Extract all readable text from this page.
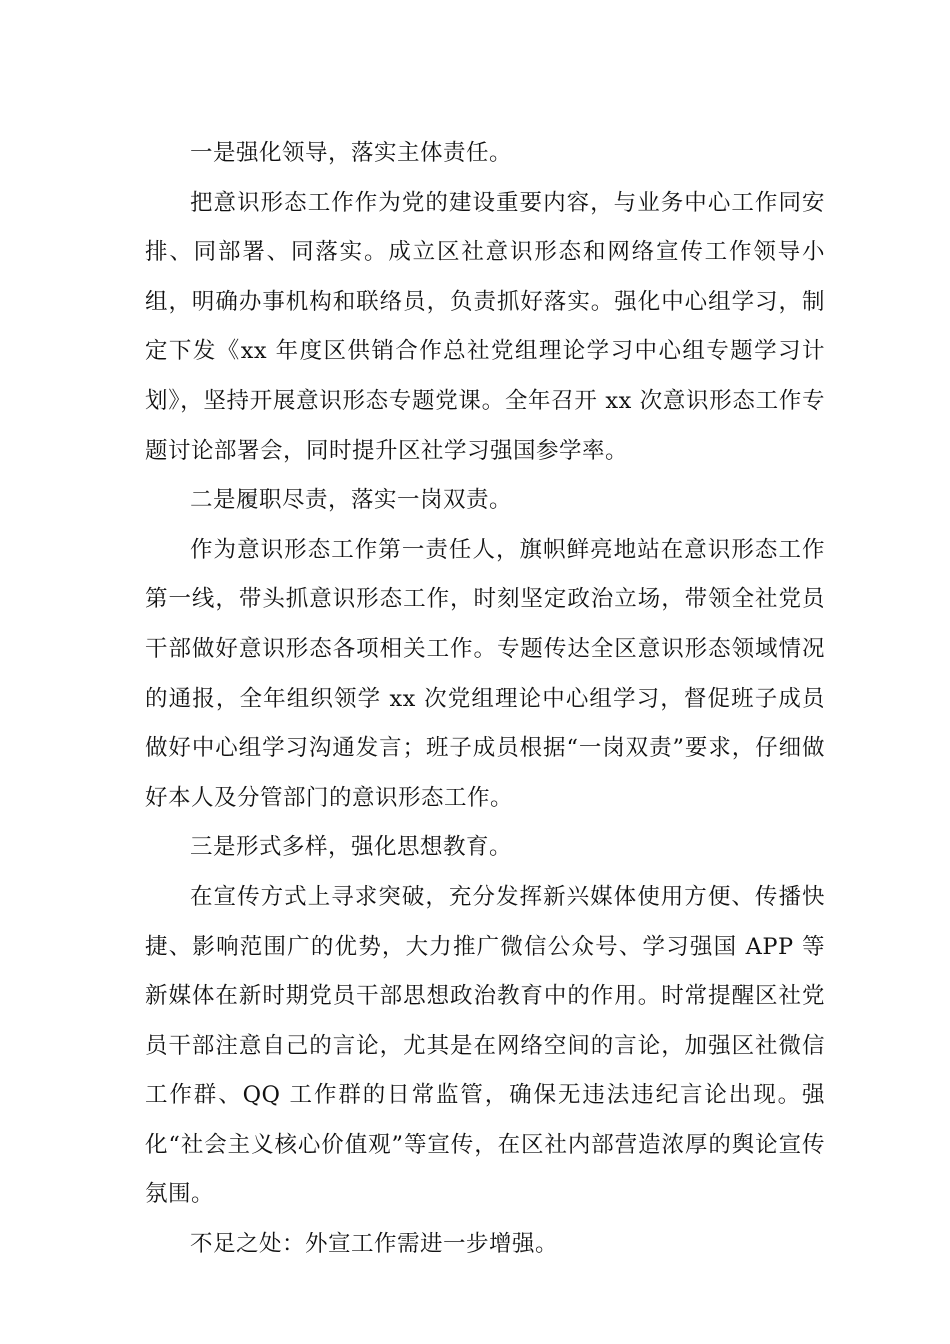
一是强化领导，落实主体责任。

把意识形态工作作为党的建设重要内容，与业务中心工作同安排、同部署、同落实。成立区社意识形态和网络宣传工作领导小组，明确办事机构和联络员，负责抓好落实。强化中心组学习，制定下发《xx 年度区供销合作总社党组理论学习中心组专题学习计划》，坚持开展意识形态专题党课。全年召开 xx 次意识形态工作专题讨论部署会，同时提升区社学习强国参学率。

二是履职尽责，落实一岗双责。

作为意识形态工作第一责任人，旗帜鲜亮地站在意识形态工作第一线，带头抓意识形态工作，时刻坚定政治立场，带领全社党员干部做好意识形态各项相关工作。专题传达全区意识形态领域情况的通报，全年组织领学 xx 次党组理论中心组学习，督促班子成员做好中心组学习沟通发言；班子成员根据“一岗双责”要求，仔细做好本人及分管部门的意识形态工作。

三是形式多样，强化思想教育。

在宣传方式上寻求突破，充分发挥新兴媒体使用方便、传播快捷、影响范围广的优势，大力推广微信公众号、学习强国 APP 等新媒体在新时期党员干部思想政治教育中的作用。时常提醒区社党员干部注意自己的言论，尤其是在网络空间的言论，加强区社微信工作群、QQ 工作群的日常监管，确保无违法违纪言论出现。强化“社会主义核心价值观”等宣传，在区社内部营造浓厚的舆论宣传氛围。

不足之处：外宣工作需进一步增强。
